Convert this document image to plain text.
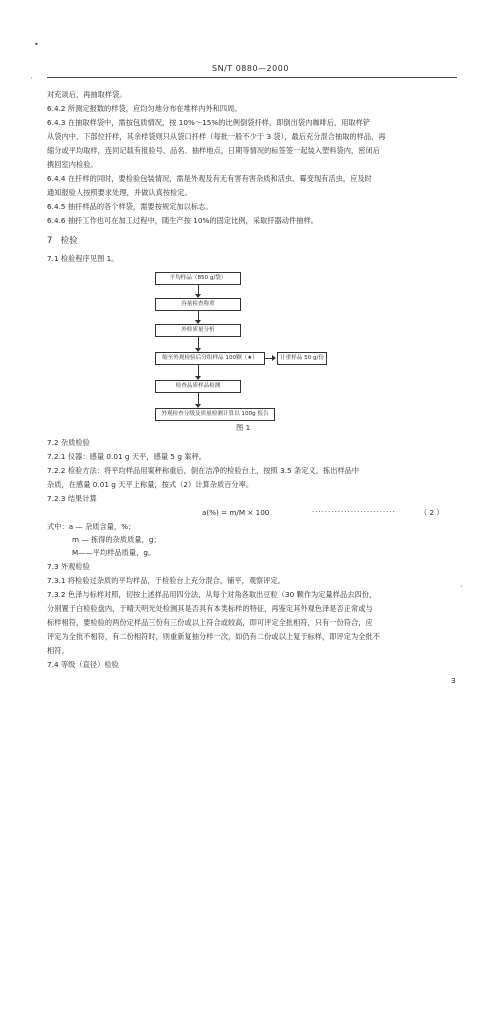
•
·
·
SN/T 0880—2000
对充谈后，再抽取样袋。
6.4.2 所测定报数的样袋，应均匀地分布在堆样内外和四周。
6.4.3 在抽取样袋中，需按包质情况，按 10%～15%的比例倒袋扦样，即倒出袋内咖啡后，用取样铲
从袋内中、下部位扦样，其余样袋则只从袋口扦样（每批一般不少于 3 袋），最后充分混合抽取的样品，再
缩分或平均取样，连同记载有报验号、品名、抽样地点，日期等情况的标签签一起装入塑料袋内，密闭后
携回室内检验。
6.4.4 在扦样的同时，要检验包装情况，需是外观及有无有害有害杂质和活虫、霉变现有活虫，应及时
通知报验人按照要求处理，并做认真按检定。
6.4.5 抽扦样品的各个样袋，需要按规定加以标志。
6.4.6 抽扦工作也可在加工过程中，随生产按 10%的固定比例，采取扦器动件抽样。
7 检验
7.1 检验程序见图 1。
平均样品（850 g/袋）
容量检查称重
外检质量分析
缩至外观检验后分组样品 100颗（★）	计重样品 50 g/份
检查品质样品检测
外观检查分级及质量检测计算以 100g 报告
图 1
7.2 杂质检验
7.2.1 仪器：感量 0.01 g 天平，感量 5 g 案秤。
7.2.2 检验方法：将平均样品用案秤称重后，倒在洁净的检验台上，按照 3.5 条定义，拣出样品中
杂质，在感量 0.01 g 天平上称量，按式（2）计算杂质百分率。
7.2.3 结果计算
a(%) = m/M × 100	··························	（ 2 ）
式中：a — 杂质含量，%；
m — 拣得的杂质质量，g；
M——平均样品质量，g。
7.3 外观检验
7.3.1 将检验过杂质的平均样品，于检验台上充分混合，铺平，观察评定。
7.3.2 色泽与标样对照，切按上述样品用四分法，从每个对角各取出豆粒（30 颗作为定量样品去四份，
分别置于白检验盘内，于晴天明光处检测其是否具有本类标样的特征，再鉴定其外观色泽是否正常或与
标样相符，要检验的两份定样品三份有三份或以上符合或较高，即可评定全批相符，只有一份符合，应
评定为全批不相符，有二份相符时，则重新复抽分样一次，如仍有二份或以上复于标样，即评定为全批不
相符。
7.4 等级（直径）检验
3
